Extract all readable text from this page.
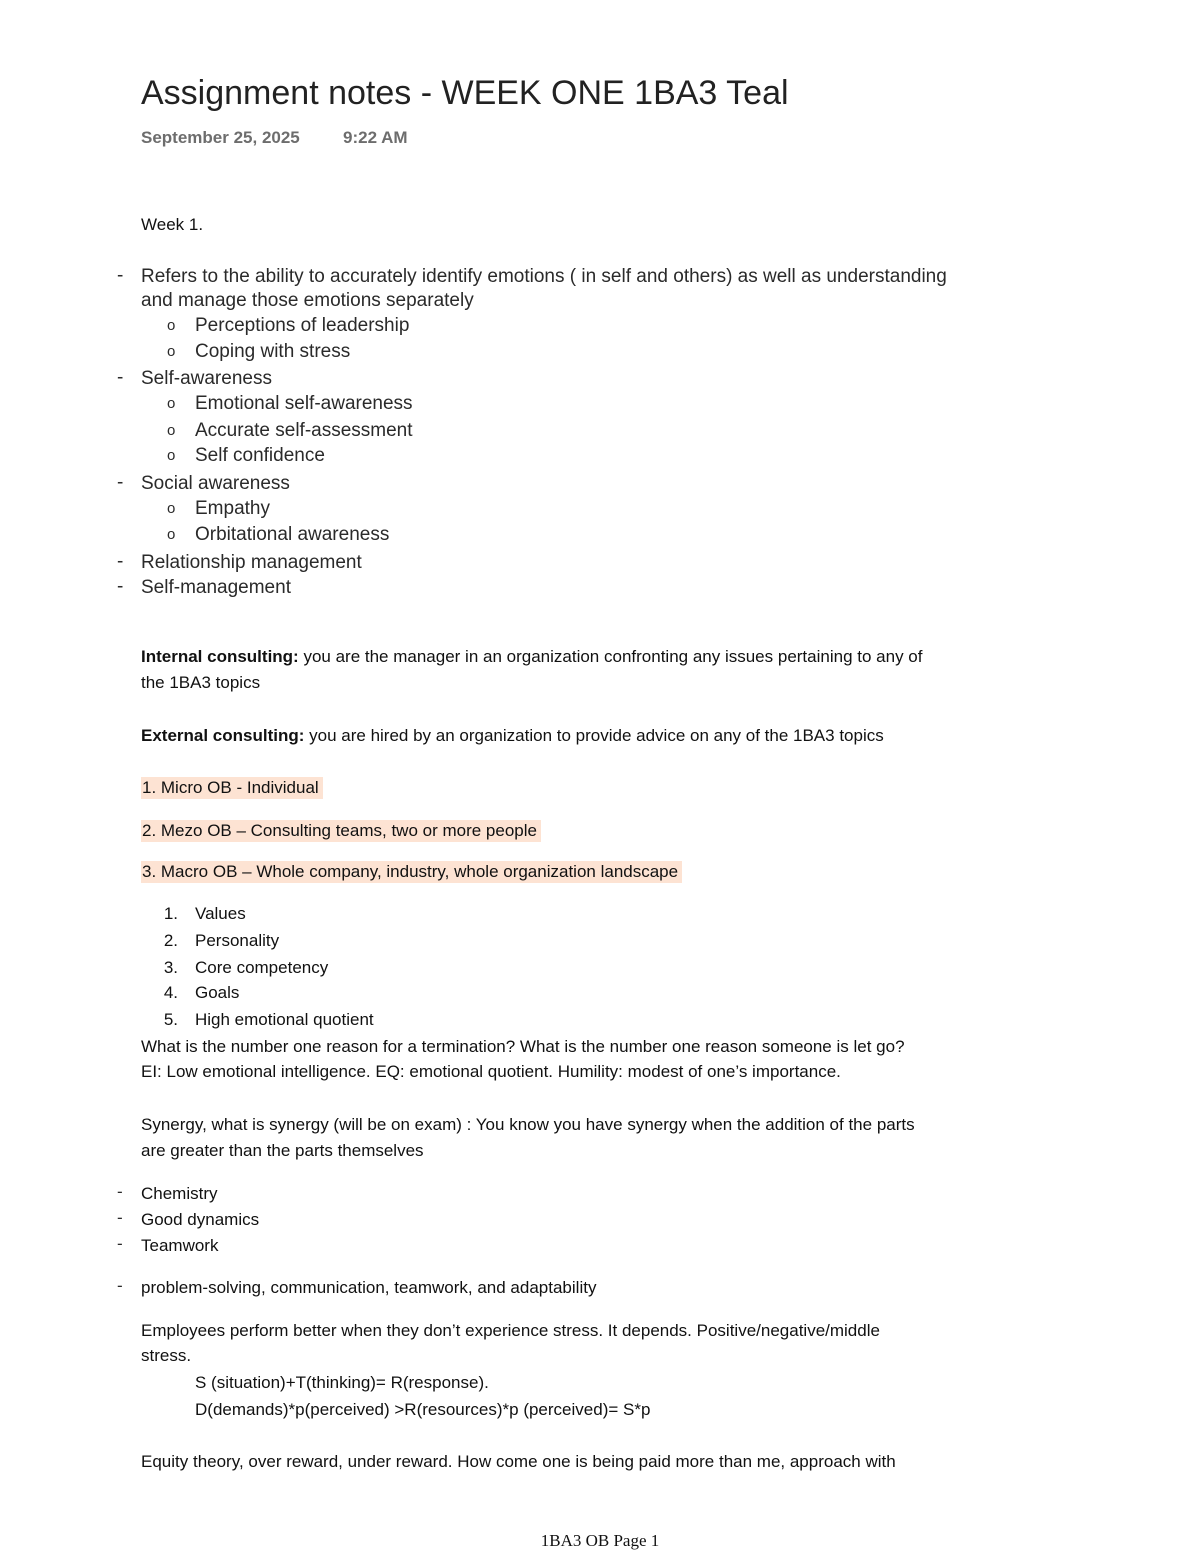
Assignment notes - WEEK ONE 1BA3 Teal
September 25, 2025	9:22 AM
Week 1.
- Refers to the ability to accurately identify emotions ( in self and others) as well as understanding
and manage those emotions separately
o Perceptions of leadership
o Coping with stress
- Self-awareness
o Emotional self-awareness
o Accurate self-assessment
o Self confidence
- Social awareness
o Empathy
o Orbitational awareness
- Relationship management
- Self-management
Internal consulting: you are the manager in an organization confronting any issues pertaining to any of
the 1BA3 topics
External consulting: you are hired by an organization to provide advice on any of the 1BA3 topics
1. Micro OB - Individual
2. Mezo OB – Consulting teams, two or more people
3. Macro OB – Whole company, industry, whole organization landscape
1. Values
2. Personality
3. Core competency
4. Goals
5. High emotional quotient
What is the number one reason for a termination? What is the number one reason someone is let go?
EI: Low emotional intelligence. EQ: emotional quotient. Humility: modest of one’s importance.
Synergy, what is synergy (will be on exam) : You know you have synergy when the addition of the parts
are greater than the parts themselves
- Chemistry
- Good dynamics
- Teamwork
- problem-solving, communication, teamwork, and adaptability
Employees perform better when they don’t experience stress. It depends. Positive/negative/middle
stress.
S (situation)+T(thinking)= R(response).
D(demands)*p(perceived) >R(resources)*p (perceived)= S*p
Equity theory, over reward, under reward. How come one is being paid more than me, approach with
1BA3 OB Page 1
